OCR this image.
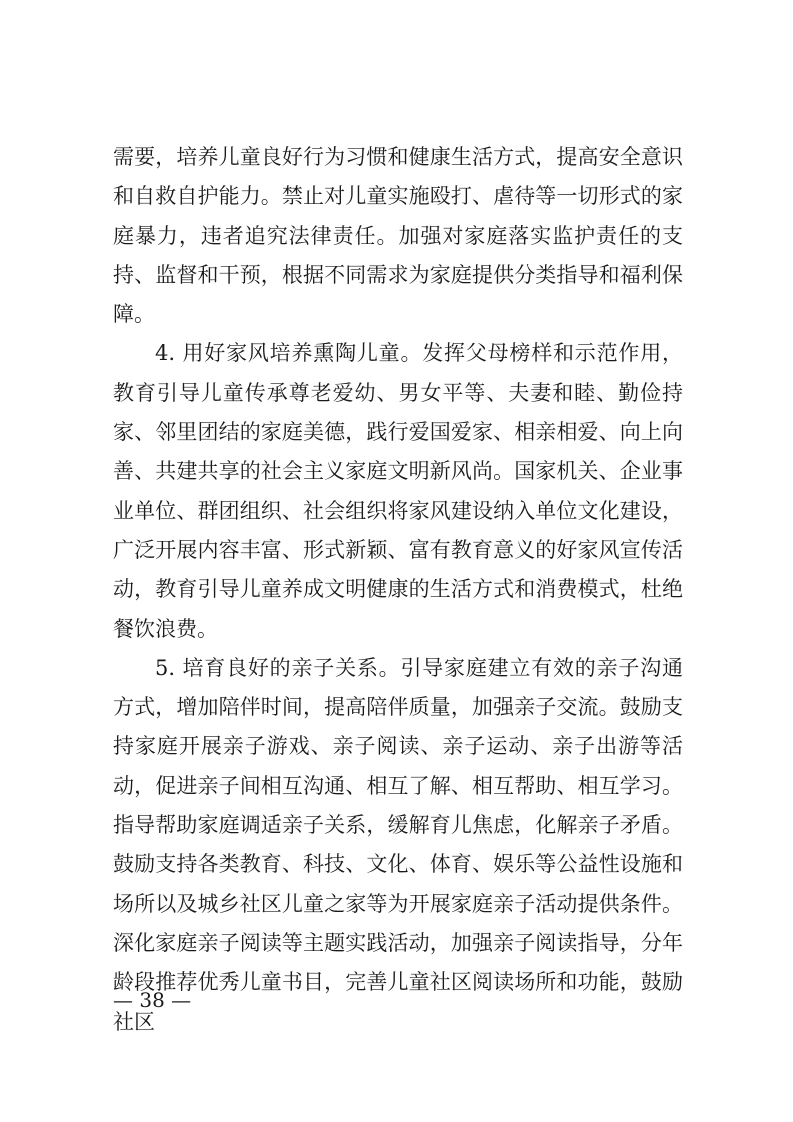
需要，培养儿童良好行为习惯和健康生活方式，提高安全意识和自救自护能力。禁止对儿童实施殴打、虐待等一切形式的家庭暴力，违者追究法律责任。加强对家庭落实监护责任的支持、监督和干预，根据不同需求为家庭提供分类指导和福利保障。

4. 用好家风培养熏陶儿童。发挥父母榜样和示范作用，教育引导儿童传承尊老爱幼、男女平等、夫妻和睦、勤俭持家、邻里团结的家庭美德，践行爱国爱家、相亲相爱、向上向善、共建共享的社会主义家庭文明新风尚。国家机关、企业事业单位、群团组织、社会组织将家风建设纳入单位文化建设，广泛开展内容丰富、形式新颖、富有教育意义的好家风宣传活动，教育引导儿童养成文明健康的生活方式和消费模式，杜绝餐饮浪费。

5. 培育良好的亲子关系。引导家庭建立有效的亲子沟通方式，增加陪伴时间，提高陪伴质量，加强亲子交流。鼓励支持家庭开展亲子游戏、亲子阅读、亲子运动、亲子出游等活动，促进亲子间相互沟通、相互了解、相互帮助、相互学习。指导帮助家庭调适亲子关系，缓解育儿焦虑，化解亲子矛盾。鼓励支持各类教育、科技、文化、体育、娱乐等公益性设施和场所以及城乡社区儿童之家等为开展家庭亲子活动提供条件。深化家庭亲子阅读等主题实践活动，加强亲子阅读指导，分年龄段推荐优秀儿童书目，完善儿童社区阅读场所和功能，鼓励社区

— 38 —
